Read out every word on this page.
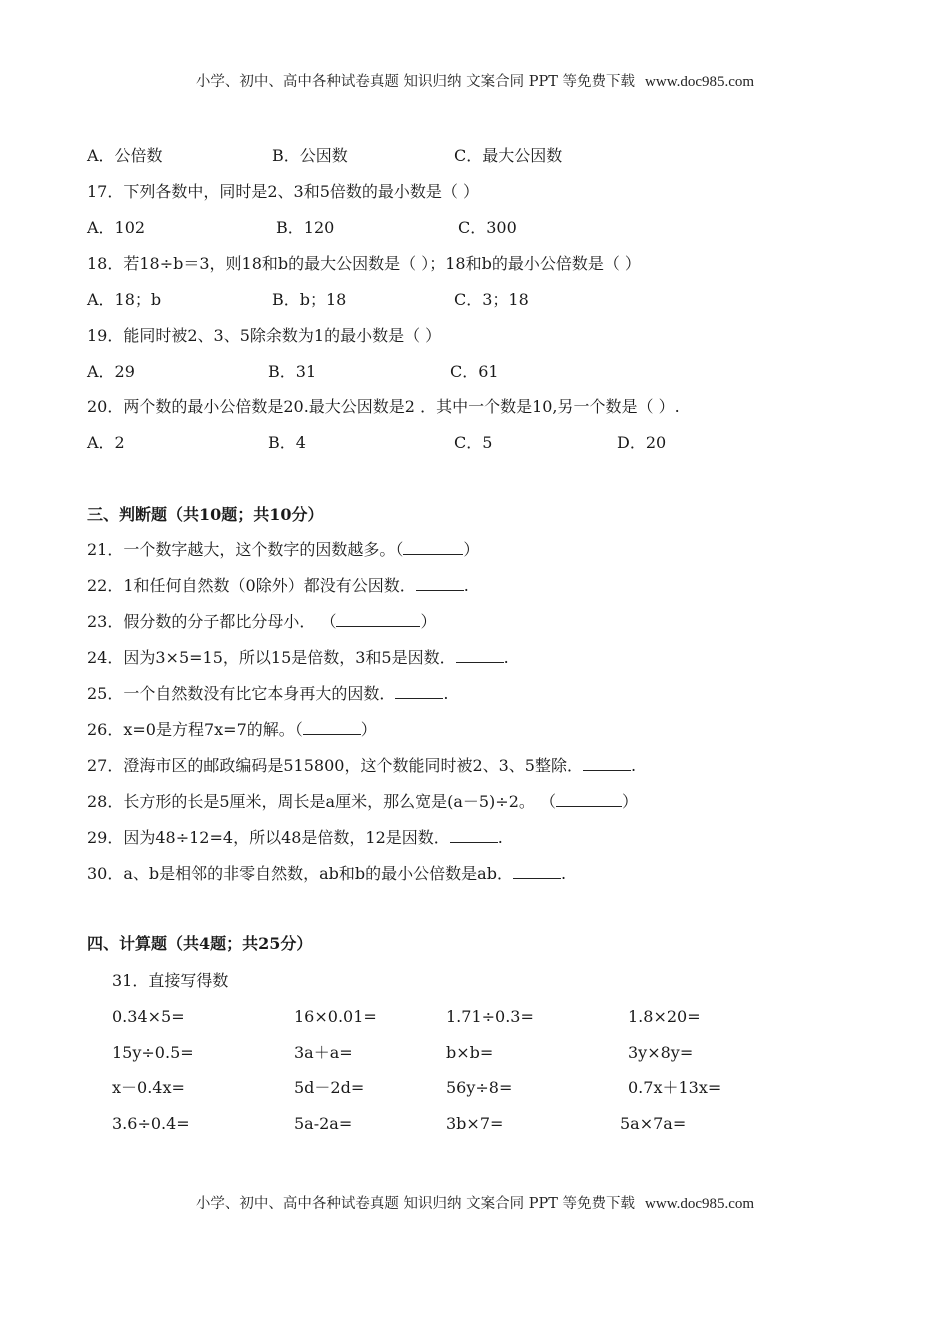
小学、初中、高中各种试卷真题 知识归纳 文案合同 PPT 等免费下载 www.doc985.com
A．公倍数	B．公因数	C．最大公因数
17．下列各数中，同时是2、3和5倍数的最小数是（ ）
A．102	B．120	C．300
18．若18÷b＝3，则18和b的最大公因数是（ ）；18和b的最小公倍数是（ ）
A．18；b	B．b；18	C．3；18
19．能同时被2、3、5除余数为1的最小数是（ ）
A．29	B．31	C．61
20．两个数的最小公倍数是20.最大公因数是2 ．其中一个数是10,另一个数是（ ）.
A．2	B．4	C．5	D．20
三、判断题（共10题；共10分）
21．一个数字越大，这个数字的因数越多。（	）
22．1和任何自然数（0除外）都没有公因数．	.
23．假分数的分子都比分母小． （	）
24．因为3×5=15，所以15是倍数，3和5是因数．	.
25．一个自然数没有比它本身再大的因数．	.
26．x=0是方程7x=7的解。（	）
27．澄海市区的邮政编码是515800，这个数能同时被2、3、5整除．	.
28．长方形的长是5厘米，周长是a厘米，那么宽是(a－5)÷2。 （	）
29．因为48÷12=4，所以48是倍数，12是因数．	.
30．a、b是相邻的非零自然数，ab和b的最小公倍数是ab．	.
四、计算题（共4题；共25分）
31．直接写得数
0.34×5=	16×0.01=	1.71÷0.3=	1.8×20=
15y÷0.5=	3a＋a=	b×b=	3y×8y=
x－0.4x=	5d－2d=	56y÷8=	0.7x＋13x=
3.6÷0.4=	5a-2a=	3b×7=	5a×7a=
小学、初中、高中各种试卷真题 知识归纳 文案合同 PPT 等免费下载 www.doc985.com
